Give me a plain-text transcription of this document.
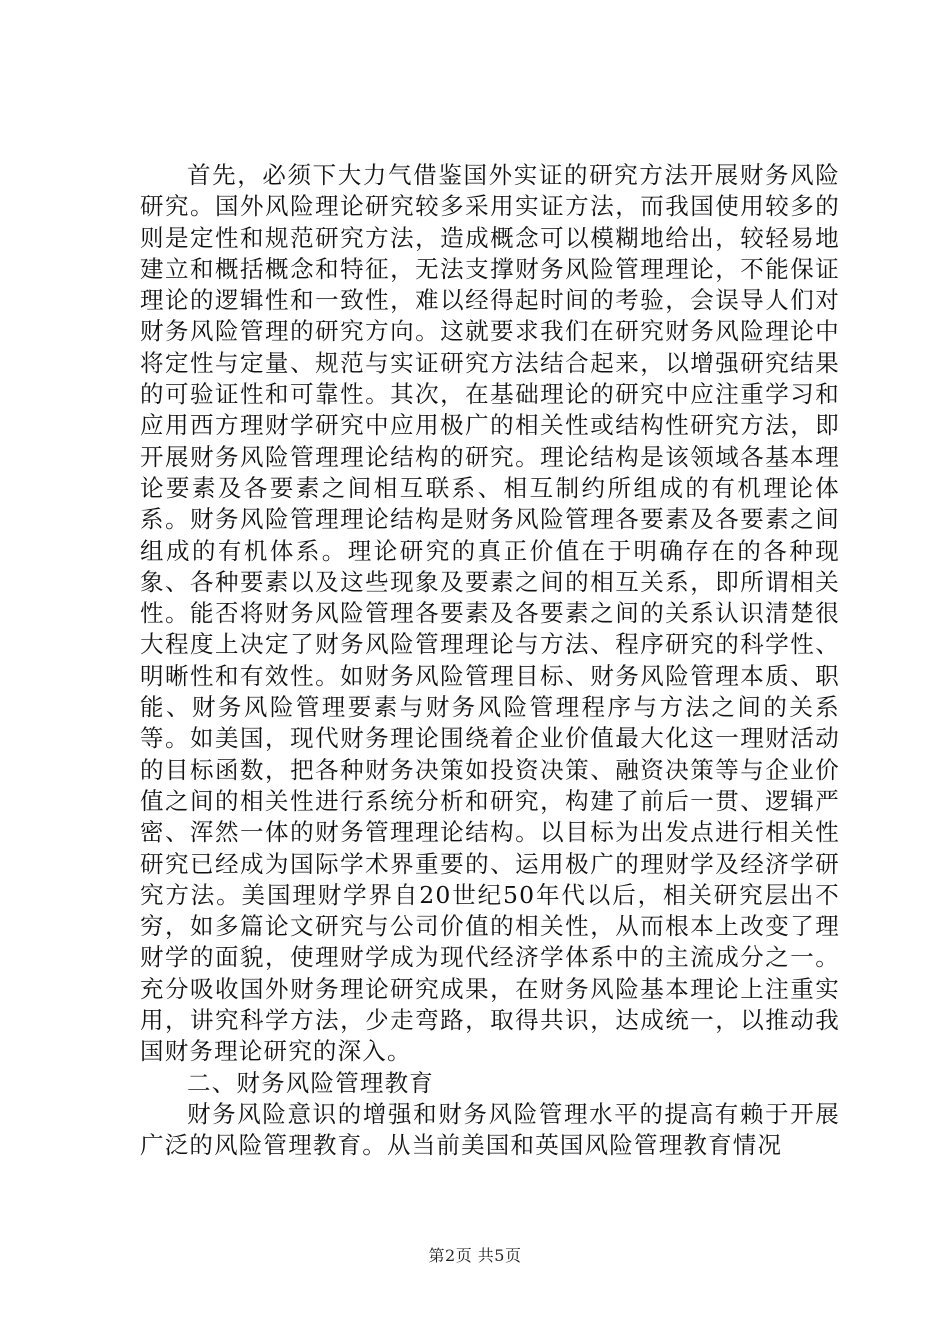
首先，必须下大力气借鉴国外实证的研究方法开展财务风险研究。国外风险理论研究较多采用实证方法，而我国使用较多的则是定性和规范研究方法，造成概念可以模糊地给出，较轻易地建立和概括概念和特征，无法支撑财务风险管理理论，不能保证理论的逻辑性和一致性，难以经得起时间的考验，会误导人们对财务风险管理的研究方向。这就要求我们在研究财务风险理论中将定性与定量、规范与实证研究方法结合起来，以增强研究结果的可验证性和可靠性。其次，在基础理论的研究中应注重学习和应用西方理财学研究中应用极广的相关性或结构性研究方法，即开展财务风险管理理论结构的研究。理论结构是该领域各基本理论要素及各要素之间相互联系、相互制约所组成的有机理论体系。财务风险管理理论结构是财务风险管理各要素及各要素之间组成的有机体系。理论研究的真正价值在于明确存在的各种现象、各种要素以及这些现象及要素之间的相互关系，即所谓相关性。能否将财务风险管理各要素及各要素之间的关系认识清楚很大程度上决定了财务风险管理理论与方法、程序研究的科学性、明晰性和有效性。如财务风险管理目标、财务风险管理本质、职能、财务风险管理要素与财务风险管理程序与方法之间的关系等。如美国，现代财务理论围绕着企业价值最大化这一理财活动的目标函数，把各种财务决策如投资决策、融资决策等与企业价值之间的相关性进行系统分析和研究，构建了前后一贯、逻辑严密、浑然一体的财务管理理论结构。以目标为出发点进行相关性研究已经成为国际学术界重要的、运用极广的理财学及经济学研究方法。美国理财学界自20世纪50年代以后，相关研究层出不穷，如多篇论文研究与公司价值的相关性，从而根本上改变了理财学的面貌，使理财学成为现代经济学体系中的主流成分之一。充分吸收国外财务理论研究成果，在财务风险基本理论上注重实用，讲究科学方法，少走弯路，取得共识，达成统一，以推动我国财务理论研究的深入。

二、财务风险管理教育

财务风险意识的增强和财务风险管理水平的提高有赖于开展广泛的风险管理教育。从当前美国和英国风险管理教育情况

第2页 共5页
